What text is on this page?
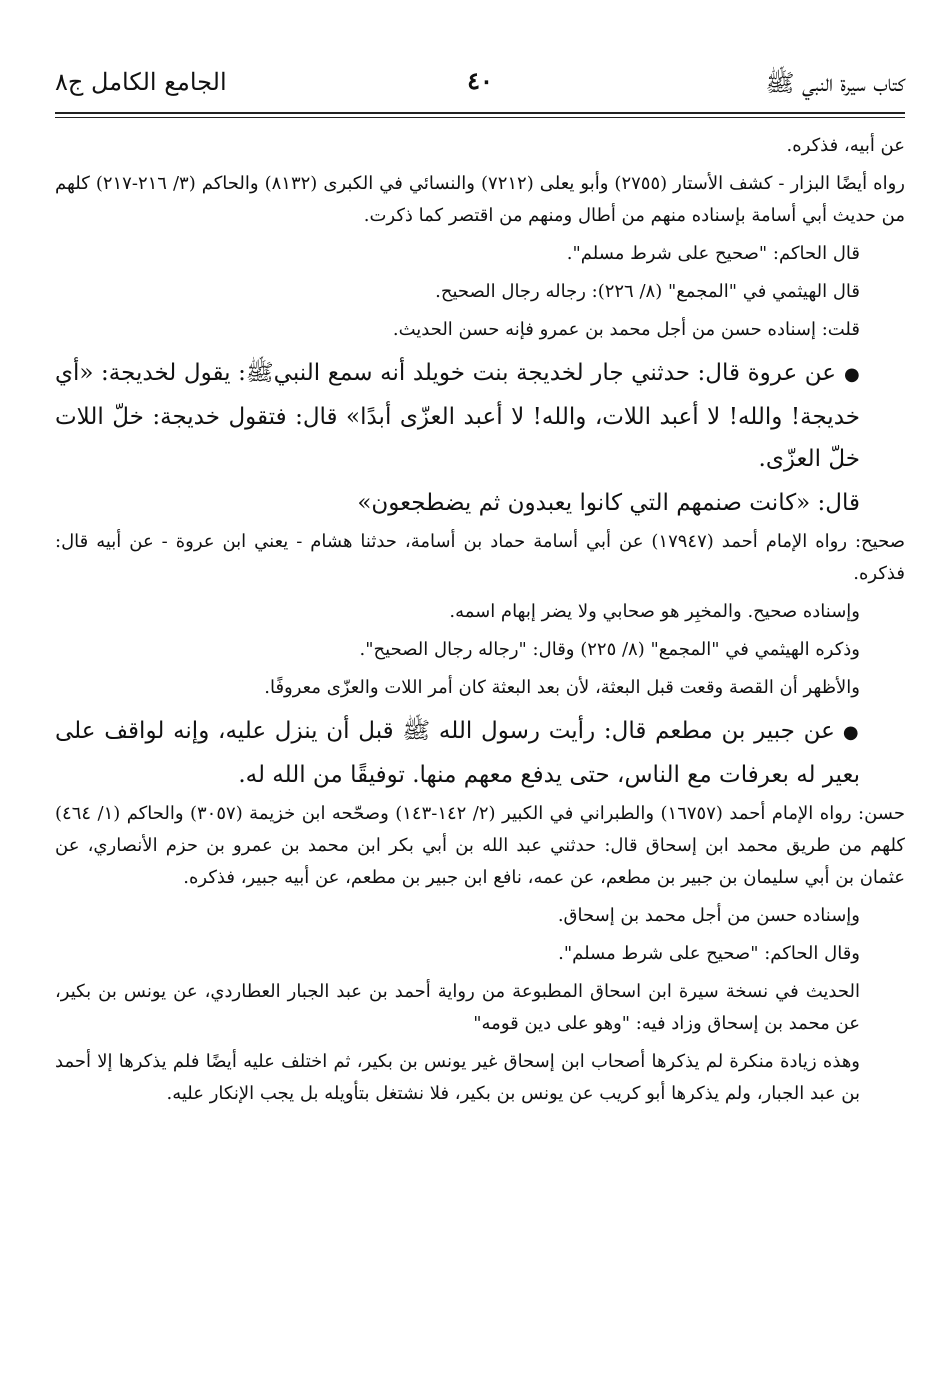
كتاب سيرة النبي ﷺ
٤٠
الجامع الكامل ج٨

عن أبيه، فذكره.

رواه أيضًا البزار - كشف الأستار (٢٧٥٥) وأبو يعلى (٧٢١٢) والنسائي في الكبرى (٨١٣٢) والحاكم (٣/ ٢١٦-٢١٧) كلهم من حديث أبي أسامة بإسناده منهم من أطال ومنهم من اقتصر كما ذكرت.

قال الحاكم: "صحيح على شرط مسلم".

قال الهيثمي في "المجمع" (٨/ ٢٢٦): رجاله رجال الصحيح.

قلت: إسناده حسن من أجل محمد بن عمرو فإنه حسن الحديث.

●عن عروة قال: حدثني جار لخديجة بنت خويلد أنه سمع النبيﷺ: يقول لخديجة: «أي خديجة! والله! لا أعبد اللات، والله! لا أعبد العزّى أبدًا» قال: فتقول خديجة: خلّ اللات خلّ العزّى.

قال: «كانت صنمهم التي كانوا يعبدون ثم يضطجعون»

صحيح: رواه الإمام أحمد (١٧٩٤٧) عن أبي أسامة حماد بن أسامة، حدثنا هشام - يعني ابن عروة - عن أبيه قال: فذكره.

وإسناده صحيح. والمخبِر هو صحابي ولا يضر إبهام اسمه.

وذكره الهيثمي في "المجمع" (٨/ ٢٢٥) وقال: "رجاله رجال الصحيح".

والأظهر أن القصة وقعت قبل البعثة، لأن بعد البعثة كان أمر اللات والعزّى معروفًا.

●عن جبير بن مطعم قال: رأيت رسول الله ﷺ قبل أن ينزل عليه، وإنه لواقف على بعير له بعرفات مع الناس، حتى يدفع معهم منها. توفيقًا من الله له.

حسن: رواه الإمام أحمد (١٦٧٥٧) والطبراني في الكبير (٢/ ١٤٢-١٤٣) وصحّحه ابن خزيمة (٣٠٥٧) والحاكم (١/ ٤٦٤) كلهم من طريق محمد ابن إسحاق قال: حدثني عبد الله بن أبي بكر ابن محمد بن عمرو بن حزم الأنصاري، عن عثمان بن أبي سليمان بن جبير بن مطعم، عن عمه، نافع ابن جبير بن مطعم، عن أبيه جبير، فذكره.

وإسناده حسن من أجل محمد بن إسحاق.

وقال الحاكم: "صحيح على شرط مسلم".

الحديث في نسخة سيرة ابن اسحاق المطبوعة من رواية أحمد بن عبد الجبار العطاردي، عن يونس بن بكير، عن محمد بن إسحاق وزاد فيه: "وهو على دين قومه"

وهذه زيادة منكرة لم يذكرها أصحاب ابن إسحاق غير يونس بن بكير، ثم اختلف عليه أيضًا فلم يذكرها إلا أحمد بن عبد الجبار، ولم يذكرها أبو كريب عن يونس بن بكير، فلا نشتغل بتأويله بل يجب الإنكار عليه.
